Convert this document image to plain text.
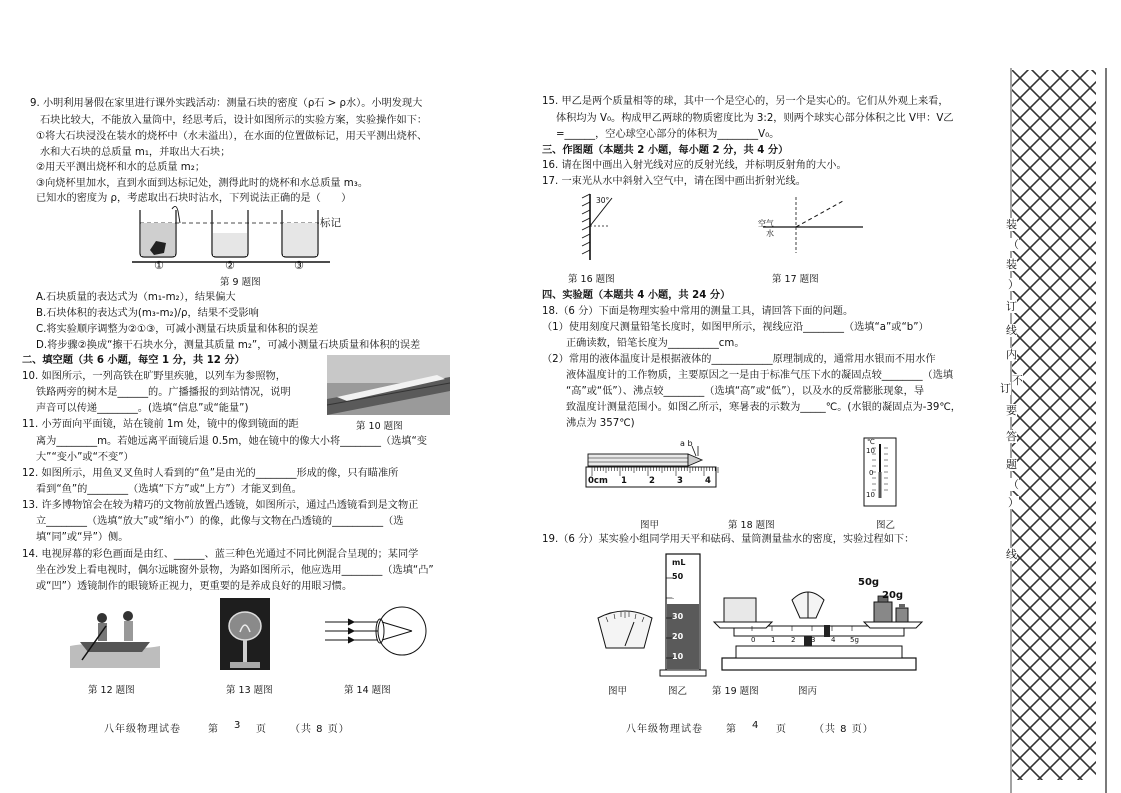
9. 小明利用暑假在家里进行课外实践活动：测量石块的密度（ρ石 > ρ水）。小明发现大
石块比较大，不能放入量筒中，经思考后，设计如图所示的实验方案，实验操作如下：
①将大石块浸没在装水的烧杯中（水未溢出），在水面的位置做标记，用天平测出烧杯、
水和大石块的总质量 m₁，并取出大石块；
②用天平测出烧杯和水的总质量 m₂；
③向烧杯里加水，直到水面到达标记处，测得此时的烧杯和水总质量 m₃。
已知水的密度为 ρ，考虑取出石块时沾水，下列说法正确的是（　　）
标记
①	②	③
第 9 题图
A.石块质量的表达式为（m₁-m₂），结果偏大
B.石块体积的表达式为(m₃-m₂)/ρ，结果不受影响
C.将实验顺序调整为②①③，可减小测量石块质量和体积的误差
D.将步骤②换成“擦干石块水分，测量其质量 m₂”，可减小测量石块质量和体积的误差
二、填空题（共 6 小题，每空 1 分，共 12 分）
10. 如图所示，一列高铁在旷野里疾驰，以列车为参照物，
铁路两旁的树木是______的。广播播报的到站情况，说明
声音可以传递________。(选填“信息”或“能量”)
第 10 题图
11. 小芳面向平面镜，站在镜前 1m 处，镜中的像到镜面的距
离为________m。若她远离平面镜后退 0.5m，她在镜中的像大小将________（选填“变
大”“变小”或“不变”）
12. 如图所示，用鱼叉叉鱼时人看到的“鱼”是由光的________形成的像，只有瞄准所
看到“鱼”的________（选填“下方”或“上方”）才能叉到鱼。
13. 许多博物馆会在较为精巧的文物前放置凸透镜，如图所示，通过凸透镜看到是文物正
立________（选填“放大”或“缩小”）的像，此像与文物在凸透镜的__________（选
填“同”或“异”）侧。
14. 电视屏幕的彩色画面是由红、______、蓝三种色光通过不同比例混合呈现的；某同学
坐在沙发上看电视时，偶尔远眺窗外景物，为路如图所示，他应选用________（选填“凸”
或“凹”）透镜制作的眼镜矫正视力，更重要的是养成良好的用眼习惯。
第 12 题图	第 13 题图	第 14 题图
八年级物理试卷	第 3 页 （共 8 页）
15. 甲乙是两个质量相等的球，其中一个是空心的，另一个是实心的。它们从外观上来看，
体积均为 V₀。构成甲乙两球的物质密度比为 3:2，则两个球实心部分体积之比 V甲：V乙
=______，空心球空心部分的体积为________V₀。
三、作图题（本题共 2 小题，每小题 2 分，共 4 分）
16. 请在图中画出入射光线对应的反射光线，并标明反射角的大小。
17. 一束光从水中斜射入空气中，请在图中画出折射光线。
30°
第 16 题图
空气
水
第 17 题图
四、实验题（本题共 4 小题，共 24 分）
18.（6 分）下面是物理实验中常用的测量工具，请回答下面的问题。
（1）使用刻度尺测量铅笔长度时，如图甲所示，视线应沿________（选填“a”或“b”）
正确读数，铅笔长度为__________cm。
（2）常用的液体温度计是根据液体的____________原理制成的，通常用水银而不用水作
液体温度计的工作物质，主要原因之一是由于标准气压下水的凝固点较________（选填
“高”或“低”）、沸点较________（选填“高”或“低”），以及水的反常膨胀现象，导
致温度计测量范围小。如图乙所示，寒暑表的示数为_____℃。(水银的凝固点为-39℃，
沸点为 357℃)
a b
0cm 1	2	3	4
图甲	第 18 题图	图乙
℃
10
0
10
19.（6 分）某实验小组同学用天平和砝码、量筒测量盐水的密度，实验过程如下：
mL
50
40
30
20
10
50g
20g
0 1 2 3 4 5g
图甲	图乙	第 19 题图	图丙
八年级物理试卷 第 4 页	（共 8 页）
装
（
装
）
订
线
内
不
订
要
答
题
（
）
线
